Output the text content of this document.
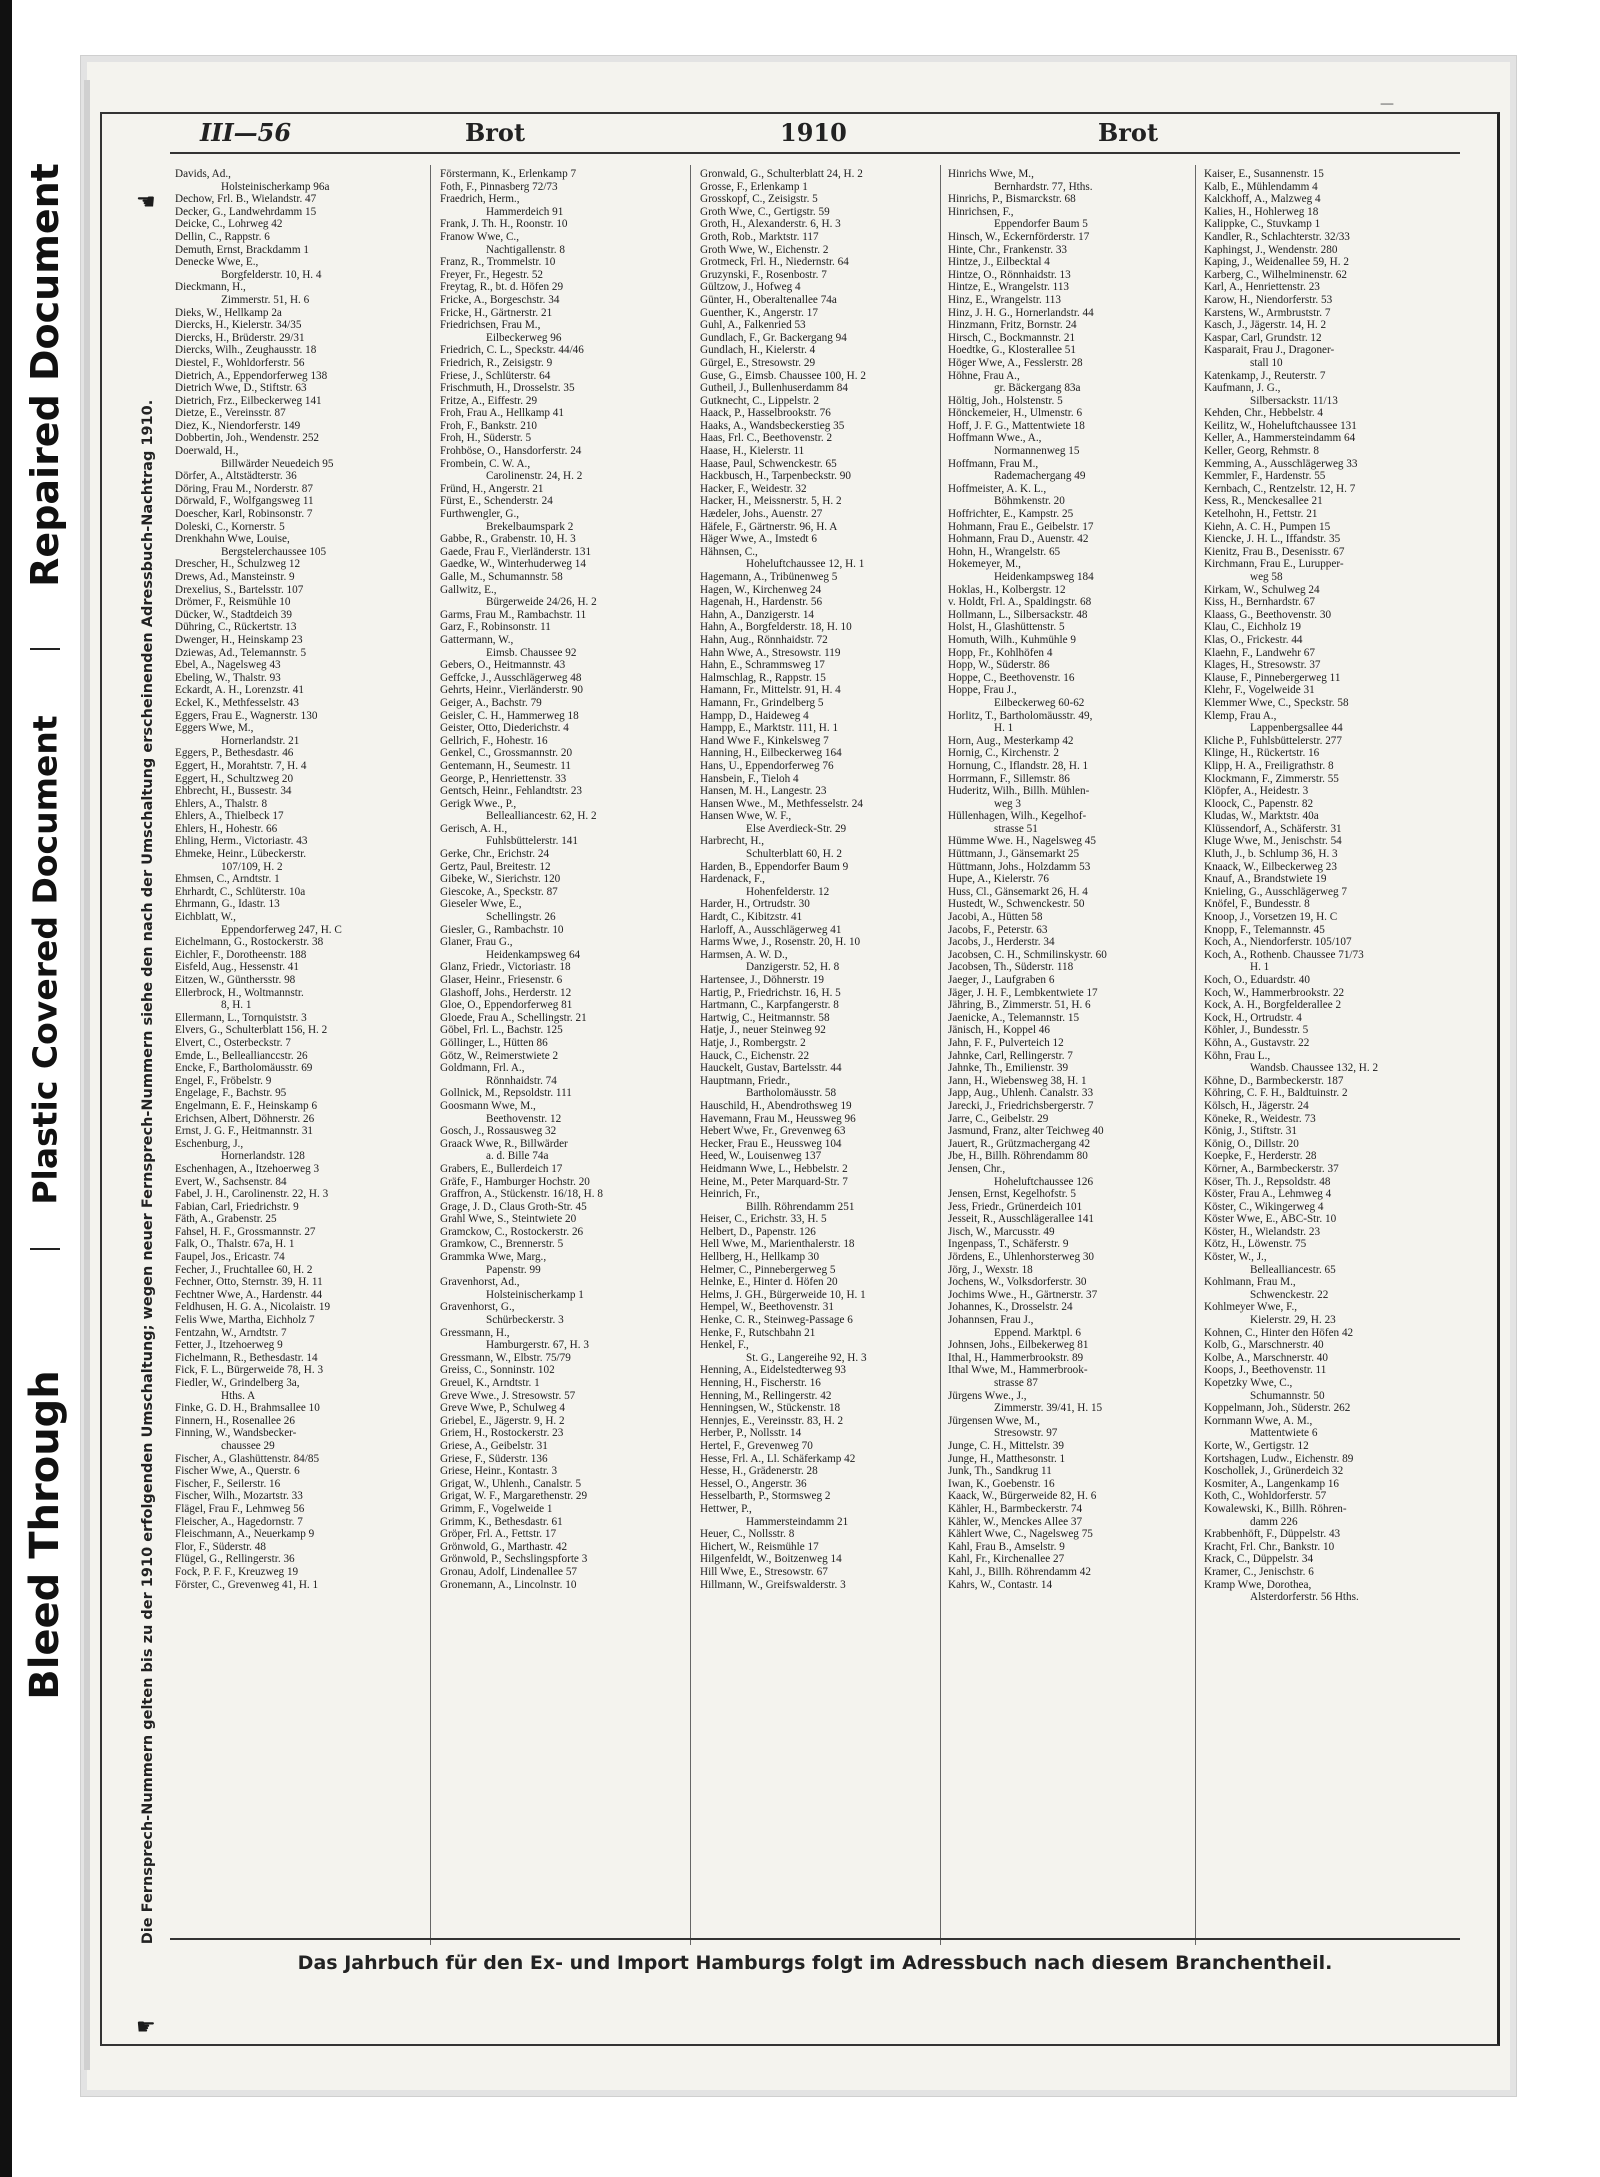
Repaired Document
Plastic Covered Document
Bleed Through
—
III—56	Brot	1910	Brot
☚
Die Fernsprech-Nummern gelten bis zu der 1910 erfolgenden Umschaltung; wegen neuer Fernsprech-Nummern siehe den nach der Umschaltung erscheinenden Adressbuch-Nachtrag 1910.
☛
Davids, Ad.,
Holsteinischerkamp 96a
Dechow, Frl. B., Wielandstr. 47
Decker, G., Landwehrdamm 15
Deicke, C., Lohrweg 42
Dellin, C., Rappstr. 6
Demuth, Ernst, Brackdamm 1
Denecke Wwe, E.,
Borgfelderstr. 10, H. 4
Dieckmann, H.,
Zimmerstr. 51, H. 6
Dieks, W., Hellkamp 2a
Diercks, H., Kielerstr. 34/35
Diercks, H., Brüderstr. 29/31
Diercks, Wilh., Zeughausstr. 18
Diestel, F., Wohldorferstr. 56
Dietrich, A., Eppendorferweg 138
Dietrich Wwe, D., Stiftstr. 63
Dietrich, Frz., Eilbeckerweg 141
Dietze, E., Vereinsstr. 87
Diez, K., Niendorferstr. 149
Dobbertin, Joh., Wendenstr. 252
Doerwald, H.,
Billwärder Neuedeich 95
Dörfer, A., Altstädterstr. 36
Döring, Frau M., Norderstr. 87
Dörwald, F., Wolfgangsweg 11
Doescher, Karl, Robinsonstr. 7
Doleski, C., Kornerstr. 5
Drenkhahn Wwe, Louise,
Bergstelerchaussee 105
Drescher, H., Schulzweg 12
Drews, Ad., Mansteinstr. 9
Drexelius, S., Bartelsstr. 107
Drömer, F., Reismühle 10
Dücker, W., Stadtdeich 39
Dühring, C., Rückertstr. 13
Dwenger, H., Heinskamp 23
Dziewas, Ad., Telemannstr. 5
Ebel, A., Nagelsweg 43
Ebeling, W., Thalstr. 93
Eckardt, A. H., Lorenzstr. 41
Eckel, K., Methfesselstr. 43
Eggers, Frau E., Wagnerstr. 130
Eggers Wwe, M.,
Hornerlandstr. 21
Eggers, P., Bethesdastr. 46
Eggert, H., Morahtstr. 7, H. 4
Eggert, H., Schultzweg 20
Ehbrecht, H., Bussestr. 34
Ehlers, A., Thalstr. 8
Ehlers, A., Thielbeck 17
Ehlers, H., Hohestr. 66
Ehling, Herm., Victoriastr. 43
Ehmeke, Heinr., Lübeckerstr.
107/109, H. 2
Ehmsen, C., Arndtstr. 1
Ehrhardt, C., Schlüterstr. 10a
Ehrmann, G., Idastr. 13
Eichblatt, W.,
Eppendorferweg 247, H. C
Eichelmann, G., Rostockerstr. 38
Eichler, F., Dorotheenstr. 188
Eisfeld, Aug., Hessenstr. 41
Eitzen, W., Günthersstr. 98
Ellerbrock, H., Woltmannstr.
8, H. 1
Ellermann, L., Tornquiststr. 3
Elvers, G., Schulterblatt 156, H. 2
Elvert, C., Osterbeckstr. 7
Emde, L., Belleallianccstr. 26
Encke, F., Bartholomäusstr. 69
Engel, F., Fröbelstr. 9
Engelage, F., Bachstr. 95
Engelmann, E. F., Heinskamp 6
Erichsen, Albert, Döhnerstr. 26
Ernst, J. G. F., Heitmannstr. 31
Eschenburg, J.,
Hornerlandstr. 128
Eschenhagen, A., Itzehoerweg 3
Evert, W., Sachsenstr. 84
Fabel, J. H., Carolinenstr. 22, H. 3
Fabian, Carl, Friedrichstr. 9
Fäth, A., Grabenstr. 25
Fahsel, H. F., Grossmannstr. 27
Falk, O., Thalstr. 67a, H. 1
Faupel, Jos., Ericastr. 74
Fecher, J., Fruchtallee 60, H. 2
Fechner, Otto, Sternstr. 39, H. 11
Fechtner Wwe, A., Hardenstr. 44
Feldhusen, H. G. A., Nicolaistr. 19
Felis Wwe, Martha, Eichholz 7
Fentzahn, W., Arndtstr. 7
Fetter, J., Itzehoerweg 9
Fichelmann, R., Bethesdastr. 14
Fick, F. L., Bürgerweide 78, H. 3
Fiedler, W., Grindelberg 3a,
Hths. A
Finke, G. D. H., Brahmsallee 10
Finnern, H., Rosenallee 26
Finning, W., Wandsbecker-
chaussee 29
Fischer, A., Glashüttenstr. 84/85
Fischer Wwe, A., Querstr. 6
Fischer, F., Seilerstr. 16
Fischer, Wilh., Mozartstr. 33
Flägel, Frau F., Lehmweg 56
Fleischer, A., Hagedornstr. 7
Fleischmann, A., Neuerkamp 9
Flor, F., Süderstr. 48
Flügel, G., Rellingerstr. 36
Fock, P. F. F., Kreuzweg 19
Förster, C., Grevenweg 41, H. 1
Förstermann, K., Erlenkamp 7
Foth, F., Pinnasberg 72/73
Fraedrich, Herm.,
Hammerdeich 91
Frank, J. Th. H., Roonstr. 10
Franow Wwe, C.,
Nachtigallenstr. 8
Franz, R., Trommelstr. 10
Freyer, Fr., Hegestr. 52
Freytag, R., bt. d. Höfen 29
Fricke, A., Borgeschstr. 34
Fricke, H., Gärtnerstr. 21
Friedrichsen, Frau M.,
Eilbeckerweg 96
Friedrich, C. L., Speckstr. 44/46
Friedrich, R., Zeisigstr. 9
Friese, J., Schlüterstr. 64
Frischmuth, H., Drosselstr. 35
Fritze, A., Eiffestr. 29
Froh, Frau A., Hellkamp 41
Froh, F., Bankstr. 210
Froh, H., Süderstr. 5
Frohböse, O., Hansdorferstr. 24
Frombein, C. W. A.,
Carolinenstr. 24, H. 2
Fründ, H., Angerstr. 21
Fürst, E., Schenderstr. 24
Furthwengler, G.,
Brekelbaumspark 2
Gabbe, R., Grabenstr. 10, H. 3
Gaede, Frau F., Vierländerstr. 131
Gaedke, W., Winterhuderweg 14
Galle, M., Schumannstr. 58
Gallwitz, E.,
Bürgerweide 24/26, H. 2
Garms, Frau M., Rambachstr. 11
Garz, F., Robinsonstr. 11
Gattermann, W.,
Eimsb. Chaussee 92
Gebers, O., Heitmannstr. 43
Geffcke, J., Ausschlägerweg 48
Gehrts, Heinr., Vierländerstr. 90
Geiger, A., Bachstr. 79
Geisler, C. H., Hammerweg 18
Geister, Otto, Diederichstr. 4
Gellrich, F., Hohestr. 16
Genkel, C., Grossmannstr. 20
Gentemann, H., Seumestr. 11
George, P., Henriettenstr. 33
Gentsch, Heinr., Fehlandtstr. 23
Gerigk Wwe., P.,
Bellealliancestr. 62, H. 2
Gerisch, A. H.,
Fuhlsbüttelerstr. 141
Gerke, Chr., Erichstr. 24
Gertz, Paul, Breitestr. 12
Gibeke, W., Sierichstr. 120
Giescoke, A., Speckstr. 87
Gieseler Wwe, E.,
Schellingstr. 26
Giesler, G., Rambachstr. 10
Glaner, Frau G.,
Heidenkampsweg 64
Glanz, Friedr., Victoriastr. 18
Glaser, Heinr., Friesenstr. 6
Glashoff, Johs., Herderstr. 12
Gloe, O., Eppendorferweg 81
Gloede, Frau A., Schellingstr. 21
Göbel, Frl. L., Bachstr. 125
Göllinger, L., Hütten 86
Götz, W., Reimerstwiete 2
Goldmann, Frl. A.,
Rönnhaidstr. 74
Gollnick, M., Repsoldstr. 111
Goosmann Wwe, M.,
Beethovenstr. 12
Gosch, J., Rossausweg 32
Graack Wwe, R., Billwärder
a. d. Bille 74a
Grabers, E., Bullerdeich 17
Gräfe, F., Hamburger Hochstr. 20
Graffron, A., Stückenstr. 16/18, H. 8
Grage, J. D., Claus Groth-Str. 45
Grahl Wwe, S., Steintwiete 20
Gramckow, C., Rostockerstr. 26
Gramkow, C., Brennerstr. 5
Grammka Wwe, Marg.,
Papenstr. 99
Gravenhorst, Ad.,
Holsteinischerkamp 1
Gravenhorst, G.,
Schürbeckerstr. 3
Gressmann, H.,
Hamburgerstr. 67, H. 3
Gressmann, W., Elbstr. 75/79
Greiss, C., Sonninstr. 102
Greuel, K., Arndtstr. 1
Greve Wwe., J. Stresowstr. 57
Greve Wwe, P., Schulweg 4
Griebel, E., Jägerstr. 9, H. 2
Griem, H., Rostockerstr. 23
Griese, A., Geibelstr. 31
Griese, F., Süderstr. 136
Griese, Heinr., Kontastr. 3
Grigat, W., Uhlenh., Canalstr. 5
Grigat, W. F., Margarethenstr. 29
Grimm, F., Vogelweide 1
Grimm, K., Bethesdastr. 61
Gröper, Frl. A., Fettstr. 17
Grönwold, G., Marthastr. 42
Grönwold, P., Sechslingspforte 3
Gronau, Adolf, Lindenallee 57
Gronemann, A., Lincolnstr. 10
Gronwald, G., Schulterblatt 24, H. 2
Grosse, F., Erlenkamp 1
Grosskopf, C., Zeisigstr. 5
Groth Wwe, C., Gertigstr. 59
Groth, H., Alexanderstr. 6, H. 3
Groth, Rob., Marktstr. 117
Groth Wwe, W., Eichenstr. 2
Grotmeck, Frl. H., Niedernstr. 64
Gruzynski, F., Rosenbostr. 7
Gültzow, J., Hofweg 4
Günter, H., Oberaltenallee 74a
Guenther, K., Angerstr. 17
Guhl, A., Falkenried 53
Gundlach, F., Gr. Backergang 94
Gundlach, H., Kielerstr. 4
Gürgel, E., Stresowstr. 29
Guse, G., Eimsb. Chaussee 100, H. 2
Gutheil, J., Bullenhuserdamm 84
Gutknecht, C., Lippelstr. 2
Haack, P., Hasselbrookstr. 76
Haaks, A., Wandsbeckerstieg 35
Haas, Frl. C., Beethovenstr. 2
Haase, H., Kielerstr. 11
Haase, Paul, Schwenckestr. 65
Hackbusch, H., Tarpenbeckstr. 90
Hacker, F., Weidestr. 32
Hacker, H., Meissnerstr. 5, H. 2
Hædeler, Johs., Auenstr. 27
Häfele, F., Gärtnerstr. 96, H. A
Häger Wwe, A., Imstedt 6
Hähnsen, C.,
Hoheluftchaussee 12, H. 1
Hagemann, A., Tribünenweg 5
Hagen, W., Kirchenweg 24
Hagenah, H., Hardenstr. 56
Hahn, A., Danzigerstr. 14
Hahn, A., Borgfelderstr. 18, H. 10
Hahn, Aug., Rönnhaidstr. 72
Hahn Wwe, A., Stresowstr. 119
Hahn, E., Schrammsweg 17
Halmschlag, R., Rappstr. 15
Hamann, Fr., Mittelstr. 91, H. 4
Hamann, Fr., Grindelberg 5
Hampp, D., Haideweg 4
Hampp, E., Marktstr. 111, H. 1
Hand Wwe F., Kinkelsweg 7
Hanning, H., Eilbeckerweg 164
Hans, U., Eppendorferweg 76
Hansbein, F., Tieloh 4
Hansen, M. H., Langestr. 23
Hansen Wwe., M., Methfesselstr. 24
Hansen Wwe, W. F.,
Else Averdieck-Str. 29
Harbrecht, H.,
Schulterblatt 60, H. 2
Harden, B., Eppendorfer Baum 9
Hardenack, F.,
Hohenfelderstr. 12
Harder, H., Ortrudstr. 30
Hardt, C., Kibitzstr. 41
Harloff, A., Ausschlägerweg 41
Harms Wwe, J., Rosenstr. 20, H. 10
Harmsen, A. W. D.,
Danzigerstr. 52, H. 8
Hartensee, J., Döhnerstr. 19
Hartig, P., Friedrichstr. 16, H. 5
Hartmann, C., Karpfangerstr. 8
Hartwig, C., Heitmannstr. 58
Hatje, J., neuer Steinweg 92
Hatje, J., Rombergstr. 2
Hauck, C., Eichenstr. 22
Hauckelt, Gustav, Bartelsstr. 44
Hauptmann, Friedr.,
Bartholomäusstr. 58
Hauschild, H., Abendrothsweg 19
Havemann, Frau M., Heussweg 96
Hebert Wwe, Fr., Grevenweg 63
Hecker, Frau E., Heussweg 104
Heed, W., Louisenweg 137
Heidmann Wwe, L., Hebbelstr. 2
Heine, M., Peter Marquard-Str. 7
Heinrich, Fr.,
Billh. Röhrendamm 251
Heiser, C., Erichstr. 33, H. 5
Helbert, D., Papenstr. 126
Hell Wwe, M., Marienthalerstr. 18
Hellberg, H., Hellkamp 30
Helmer, C., Pinnebergerweg 5
Helnke, E., Hinter d. Höfen 20
Helms, J. GH., Bürgerweide 10, H. 1
Hempel, W., Beethovenstr. 31
Henke, C. R., Steinweg-Passage 6
Henke, F., Rutschbahn 21
Henkel, F.,
St. G., Langereihe 92, H. 3
Henning, A., Eidelstedterweg 93
Henning, H., Fischerstr. 16
Henning, M., Rellingerstr. 42
Henningsen, W., Stückenstr. 18
Hennjes, E., Vereinsstr. 83, H. 2
Herber, P., Nollsstr. 14
Hertel, F., Grevenweg 70
Hesse, Frl. A., Ll. Schäferkamp 42
Hesse, H., Grädenerstr. 28
Hessel, O., Angerstr. 36
Hesselbarth, P., Stormsweg 2
Hettwer, P.,
Hammersteindamm 21
Heuer, C., Nollsstr. 8
Hichert, W., Reismühle 17
Hilgenfeldt, W., Boitzenweg 14
Hill Wwe, E., Stresowstr. 67
Hillmann, W., Greifswalderstr. 3
Hinrichs Wwe, M.,
Bernhardstr. 77, Hths.
Hinrichs, P., Bismarckstr. 68
Hinrichsen, F.,
Eppendorfer Baum 5
Hinsch, W., Eckernförderstr. 17
Hinte, Chr., Frankenstr. 33
Hintze, J., Eilbecktal 4
Hintze, O., Rönnhaidstr. 13
Hintze, E., Wrangelstr. 113
Hinz, E., Wrangelstr. 113
Hinz, J. H. G., Hornerlandstr. 44
Hinzmann, Fritz, Bornstr. 24
Hirsch, C., Bockmannstr. 21
Hoedtke, G., Klosterallee 51
Höger Wwe, A., Fesslerstr. 28
Höhne, Frau A.,
gr. Bäckergang 83a
Höltig, Joh., Holstenstr. 5
Hönckemeier, H., Ulmenstr. 6
Hoff, J. F. G., Mattentwiete 18
Hoffmann Wwe., A.,
Normannenweg 15
Hoffmann, Frau M.,
Rademachergang 49
Hoffmeister, A. K. L.,
Böhmkenstr. 20
Hoffrichter, E., Kampstr. 25
Hohmann, Frau E., Geibelstr. 17
Hohmann, Frau D., Auenstr. 42
Hohn, H., Wrangelstr. 65
Hokemeyer, M.,
Heidenkampsweg 184
Hoklas, H., Kolbergstr. 12
v. Holdt, Frl. A., Spaldingstr. 68
Hollmann, L., Silbersackstr. 48
Holst, H., Glashüttenstr. 5
Homuth, Wilh., Kuhmühle 9
Hopp, Fr., Kohlhöfen 4
Hopp, W., Süderstr. 86
Hoppe, C., Beethovenstr. 16
Hoppe, Frau J.,
Eilbeckerweg 60-62
Horlitz, T., Bartholomäusstr. 49,
H. 1
Horn, Aug., Mesterkamp 42
Hornig, C., Kirchenstr. 2
Hornung, C., Iflandstr. 28, H. 1
Horrmann, F., Sillemstr. 86
Huderitz, Wilh., Billh. Mühlen-
weg 3
Hüllenhagen, Wilh., Kegelhof-
strasse 51
Hümme Wwe. H., Nagelsweg 45
Hüttmann, J., Gänsemarkt 25
Hüttmann, Johs., Holzdamm 53
Hupe, A., Kielerstr. 76
Huss, Cl., Gänsemarkt 26, H. 4
Hustedt, W., Schwenckestr. 50
Jacobi, A., Hütten 58
Jacobs, F., Peterstr. 63
Jacobs, J., Herderstr. 34
Jacobsen, C. H., Schmilinskystr. 60
Jacobsen, Th., Süderstr. 118
Jaeger, J., Laufgraben 6
Jäger, J. H. F., Lembkentwiete 17
Jähring, B., Zimmerstr. 51, H. 6
Jaenicke, A., Telemannstr. 15
Jänisch, H., Koppel 46
Jahn, F. F., Pulverteich 12
Jahnke, Carl, Rellingerstr. 7
Jahnke, Th., Emilienstr. 39
Jann, H., Wiebensweg 38, H. 1
Japp, Aug., Uhlenh. Canalstr. 33
Jarecki, J., Friedrichsbergerstr. 7
Jarre, C., Geibelstr. 29
Jasmund, Franz, alter Teichweg 40
Jauert, R., Grützmachergang 42
Jbe, H., Billh. Röhrendamm 80
Jensen, Chr.,
Hoheluftchaussee 126
Jensen, Ernst, Kegelhofstr. 5
Jess, Friedr., Grünerdeich 101
Jesseit, R., Ausschlägerallee 141
Jisch, W., Marcusstr. 49
Ingenpass, T., Schäferstr. 9
Jördens, E., Uhlenhorsterweg 30
Jörg, J., Wexstr. 18
Jochens, W., Volksdorferstr. 30
Jochims Wwe., H., Gärtnerstr. 37
Johannes, K., Drosselstr. 24
Johannsen, Frau J.,
Eppend. Marktpl. 6
Johnsen, Johs., Eilbekerweg 81
Ithal, H., Hammerbrookstr. 89
Ithal Wwe, M., Hammerbrook-
strasse 87
Jürgens Wwe., J.,
Zimmerstr. 39/41, H. 15
Jürgensen Wwe, M.,
Stresowstr. 97
Junge, C. H., Mittelstr. 39
Junge, H., Matthesonstr. 1
Junk, Th., Sandkrug 11
Iwan, K., Goebenstr. 16
Kaack, W., Bürgerweide 82, H. 6
Kähler, H., Barmbeckerstr. 74
Kähler, W., Menckes Allee 37
Kählert Wwe, C., Nagelsweg 75
Kahl, Frau B., Amselstr. 9
Kahl, Fr., Kirchenallee 27
Kahl, J., Billh. Röhrendamm 42
Kahrs, W., Contastr. 14
Kaiser, E., Susannenstr. 15
Kalb, E., Mühlendamm 4
Kalckhoff, A., Malzweg 4
Kalies, H., Hohlerweg 18
Kalippke, C., Stuvkamp 1
Kandler, R., Schlachterstr. 32/33
Kaphingst, J., Wendenstr. 280
Kaping, J., Weidenallee 59, H. 2
Karberg, C., Wilhelminenstr. 62
Karl, A., Henriettenstr. 23
Karow, H., Niendorferstr. 53
Karstens, W., Armbruststr. 7
Kasch, J., Jägerstr. 14, H. 2
Kaspar, Carl, Grundstr. 12
Kasparait, Frau J., Dragoner-
stall 10
Katenkamp, J., Reuterstr. 7
Kaufmann, J. G.,
Silbersackstr. 11/13
Kehden, Chr., Hebbelstr. 4
Keilitz, W., Hoheluftchaussee 131
Keller, A., Hammersteindamm 64
Keller, Georg, Rehmstr. 8
Kemming, A., Ausschlägerweg 33
Kemmler, F., Hardenstr. 55
Kernbach, C., Rentzelstr. 12, H. 7
Kess, R., Menckesallee 21
Ketelhohn, H., Fettstr. 21
Kiehn, A. C. H., Pumpen 15
Kiencke, J. H. L., Iffandstr. 35
Kienitz, Frau B., Desenisstr. 67
Kirchmann, Frau E., Lurupper-
weg 58
Kirkam, W., Schulweg 24
Kiss, H., Bernhardstr. 67
Klaass, G., Beethovenstr. 30
Klau, C., Eichholz 19
Klas, O., Frickestr. 44
Klaehn, F., Landwehr 67
Klages, H., Stresowstr. 37
Klause, F., Pinnebergerweg 11
Klehr, F., Vogelweide 31
Klemmer Wwe, C., Speckstr. 58
Klemp, Frau A.,
Lappenbergsallee 44
Kliche P., Fuhlsbüttelerstr. 277
Klinge, H., Rückertstr. 16
Klipp, H. A., Freiligrathstr. 8
Klockmann, F., Zimmerstr. 55
Klöpfer, A., Heidestr. 3
Kloock, C., Papenstr. 82
Kludas, W., Marktstr. 40a
Klüssendorf, A., Schäferstr. 31
Kluge Wwe, M., Jenischstr. 54
Kluth, J., b. Schlump 36, H. 3
Knaack, W., Eilbeckerweg 23
Knauf, A., Brandstwiete 19
Knieling, G., Ausschlägerweg 7
Knöfel, F., Bundesstr. 8
Knoop, J., Vorsetzen 19, H. C
Knopp, F., Telemannstr. 45
Koch, A., Niendorferstr. 105/107
Koch, A., Rothenb. Chaussee 71/73
H. 1
Koch, O., Eduardstr. 40
Koch, W., Hammerbrookstr. 22
Kock, A. H., Borgfelderallee 2
Kock, H., Ortrudstr. 4
Köhler, J., Bundesstr. 5
Köhn, A., Gustavstr. 22
Köhn, Frau L.,
Wandsb. Chaussee 132, H. 2
Köhne, D., Barmbeckerstr. 187
Köhring, C. F. H., Baldtuinstr. 2
Kölsch, H., Jägerstr. 24
Köneke, R., Weidestr. 73
König, J., Stiftstr. 31
König, O., Dillstr. 20
Koepke, F., Herderstr. 28
Körner, A., Barmbeckerstr. 37
Köser, Th. J., Repsoldstr. 48
Köster, Frau A., Lehmweg 4
Köster, C., Wikingerweg 4
Köster Wwe, E., ABC-Str. 10
Köster, H., Wielandstr. 23
Kötz, H., Löwenstr. 75
Köster, W., J.,
Bellealliancestr. 65
Kohlmann, Frau M.,
Schwenckestr. 22
Kohlmeyer Wwe, F.,
Kielerstr. 29, H. 23
Kohnen, C., Hinter den Höfen 42
Kolb, G., Marschnerstr. 40
Kolbe, A., Marschnerstr. 40
Koops, J., Beethovenstr. 11
Kopetzky Wwe, C.,
Schumannstr. 50
Koppelmann, Joh., Süderstr. 262
Kornmann Wwe, A. M.,
Mattentwiete 6
Korte, W., Gertigstr. 12
Kortshagen, Ludw., Eichenstr. 89
Koschollek, J., Grünerdeich 32
Kosmiter, A., Langenkamp 16
Koth, C., Wohldorferstr. 57
Kowalewski, K., Billh. Röhren-
damm 226
Krabbenhöft, F., Düppelstr. 43
Kracht, Frl. Chr., Bankstr. 10
Krack, C., Düppelstr. 34
Kramer, C., Jenischstr. 6
Kramp Wwe, Dorothea,
Alsterdorferstr. 56 Hths.
Das Jahrbuch für den Ex- und Import Hamburgs folgt im Adressbuch nach diesem Branchentheil.
